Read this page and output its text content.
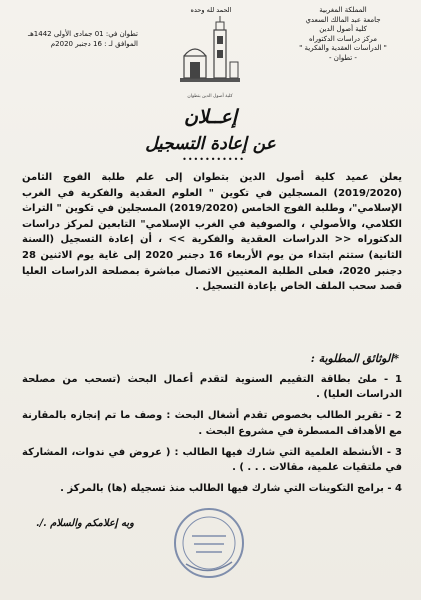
المملكة المغربية
جامعة عبد المالك السعدي
كلية أصول الدين
مركز دراسات الدكتوراه
" الدراسات العقدية والفكرية "
- تطوان -
الحمد لله وحده
كلية أصول الدين بتطوان
تطوان في: 01 جمادى الأولى 1442هـ
الموافق لـ : 16 دجنبر 2020م
إعــلان
عن إعادة التسجيل
•••••••••••

يعلن عميد كلية أصول الدين بتطوان إلى علم طلبة الفوج الثامن (2019/2020) المسجلين في تكوين " العلوم العقدية والفكرية في الغرب الإسلامي"، وطلبة الفوج الخامس (2019/2020) المسجلين في تكوين " التراث الكلامي، والأصولي ، والصوفية في الغرب الإسلامي" التابعين لمركز دراسات الدكتوراه << الدراسات العقدية والفكرية >> ، أن إعادة التسجيل (السنة الثانية) ستتم ابتداء من يوم الأربعاء 16 دجنبر 2020 إلى غاية يوم الاثنين 28 دجنبر 2020، فعلى الطلبة المعنيين الاتصال مباشرة بمصلحة الدراسات العليا قصد سحب الملف الخاص بإعادة التسجيل .

*الوثائق المطلوبة :

1 - ملئ بطاقة التقييم السنوية لتقدم أعمال البحث (تسحب من مصلحة الدراسات العليا) .

2 - تقرير الطالب بخصوص تقدم أشغال البحث : وصف ما تم إنجازه بالمقارنة مع الأهداف المسطرة في مشروع البحث .

3 - الأنشطة العلمية التي شارك فيها الطالب : ( عروض في ندوات، المشاركة في ملتقيات علمية، مقالات . . . ) .

4 - برامج التكوينات التي شارك فيها الطالب منذ تسجيله (ها) بالمركز .

وبه إعلامكم والسلام ./.
